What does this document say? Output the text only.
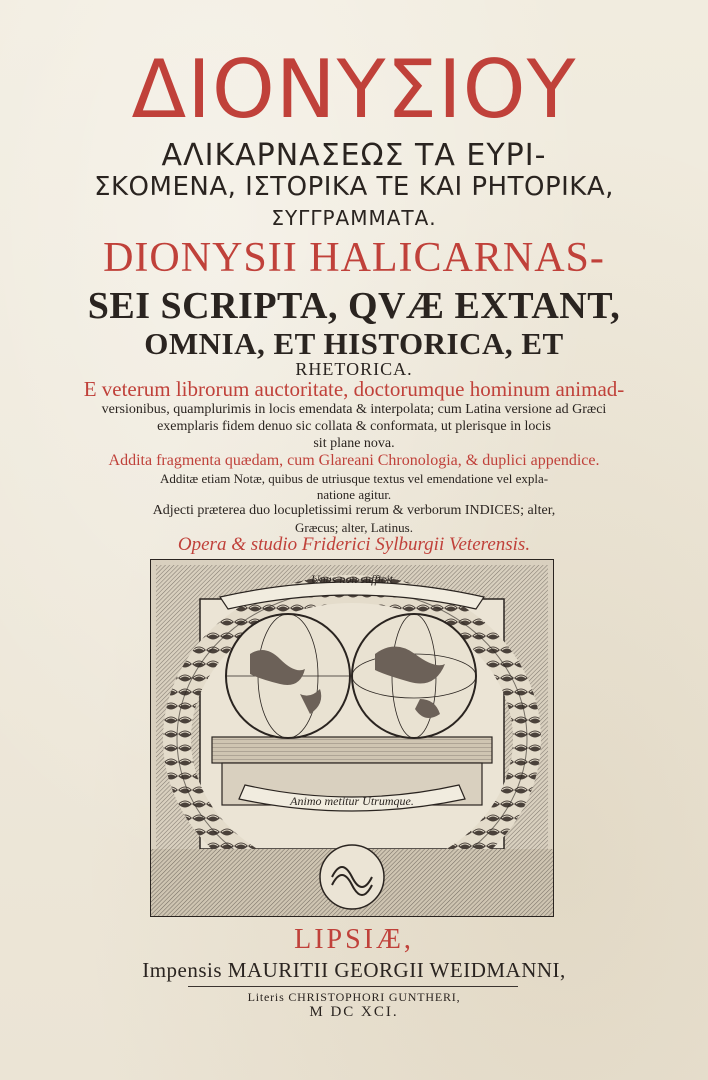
ΔΙΟΝΥΣΙΟΥ
ΑΛΙΚΑΡΝΑΣΕΩΣ ΤΑ ΕΥΡΙ-
ΣΚΟΜΕΝΑ, ΙΣΤΟΡΙΚΑ ΤΕ ΚΑΙ ΡΗΤΟΡΙΚΑ,
ΣΥΓΓΡΑΜΜΑΤΑ.
DIONYSII HALICARNAS-
SEI SCRIPTA, QVÆ EXTANT,
OMNIA, ET HISTORICA, ET
RHETORICA.
E veterum librorum auctoritate, doctorumque hominum animad-
versionibus, quamplurimis in locis emendata & interpolata; cum Latina versione ad Græci
exemplaris fidem denuo sic collata & conformata, ut plerisque in locis
sit plane nova.
Addita fragmenta quædam, cum Glareani Chronologia, & duplici appendice.
Additæ etiam Notæ, quibus de utriusque textus vel emendatione vel expla-
natione agitur.
Adjecti præterea duo locupletissimi rerum & verborum INDICES; alter,
Græcus; alter, Latinus.
Opera & studio Friderici Sylburgii Veterensis.
Unus non sufficit
Animo metitur Utrumque.
LIPSIÆ,
Impensis MAURITII GEORGII WEIDMANNI,
Literis CHRISTOPHORI GUNTHERI,
M DC XCI.
